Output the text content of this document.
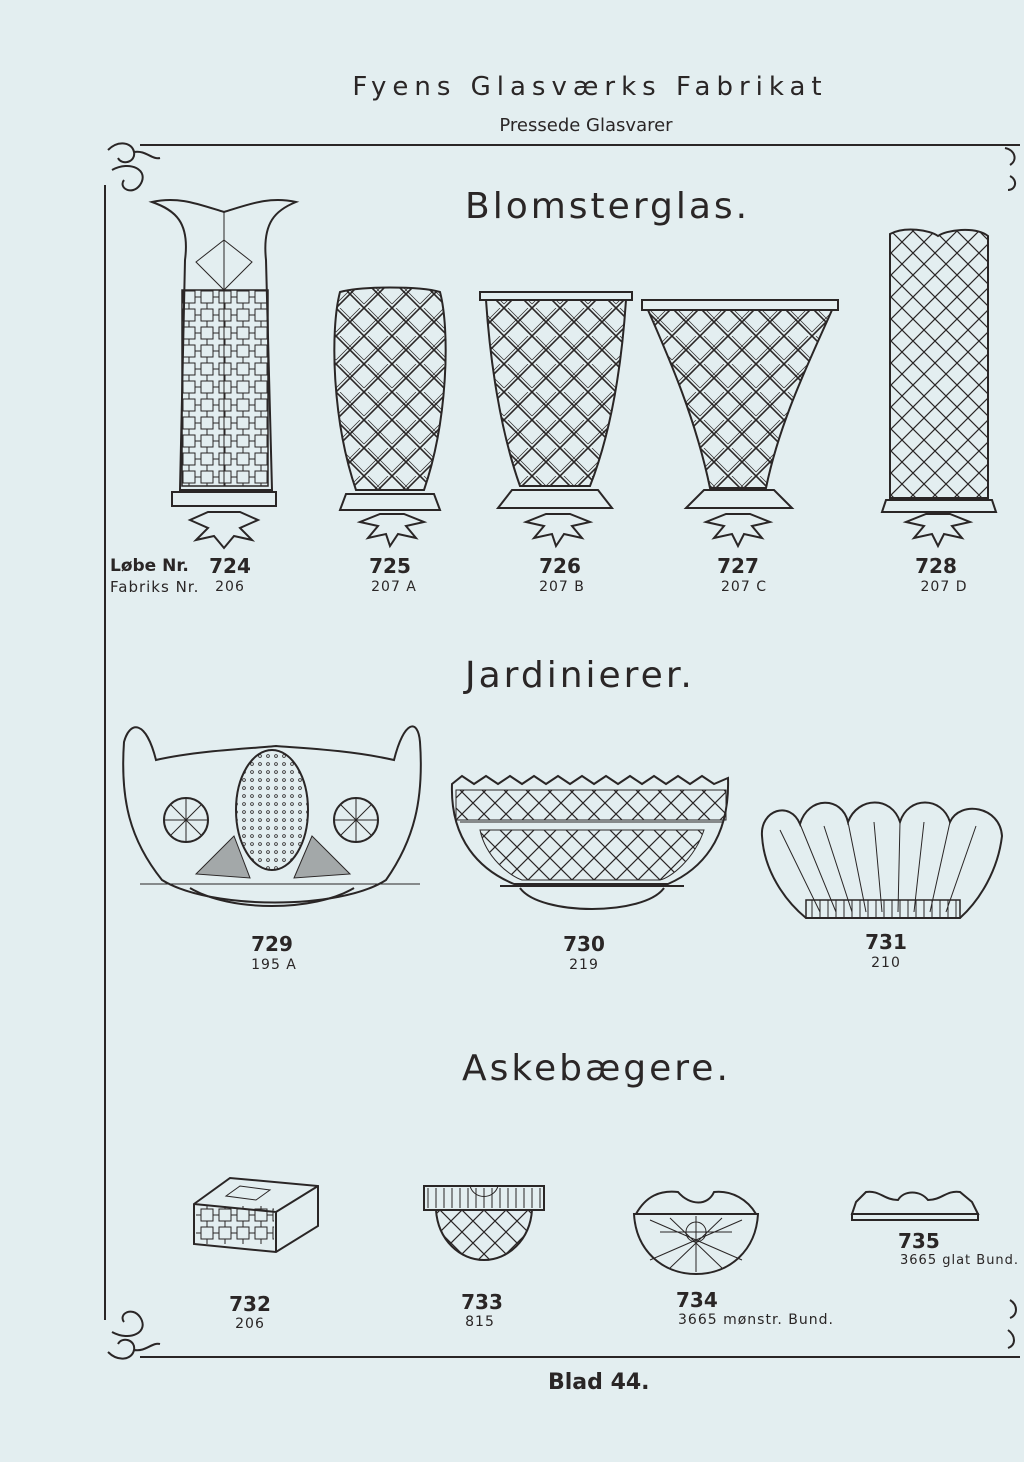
Fyens Glasværks Fabrikat
Pressede Glasvarer
Blomsterglas.
Jardinierer.
Askebægere.
Løbe Nr.
Fabriks Nr.
724
206
725
207 A
726
207 B
727
207 C
728
207 D
729
195 A
730
219
731
210
732
206
733
815
734
3665 mønstr. Bund.
735
3665 glat Bund.
Blad 44.
